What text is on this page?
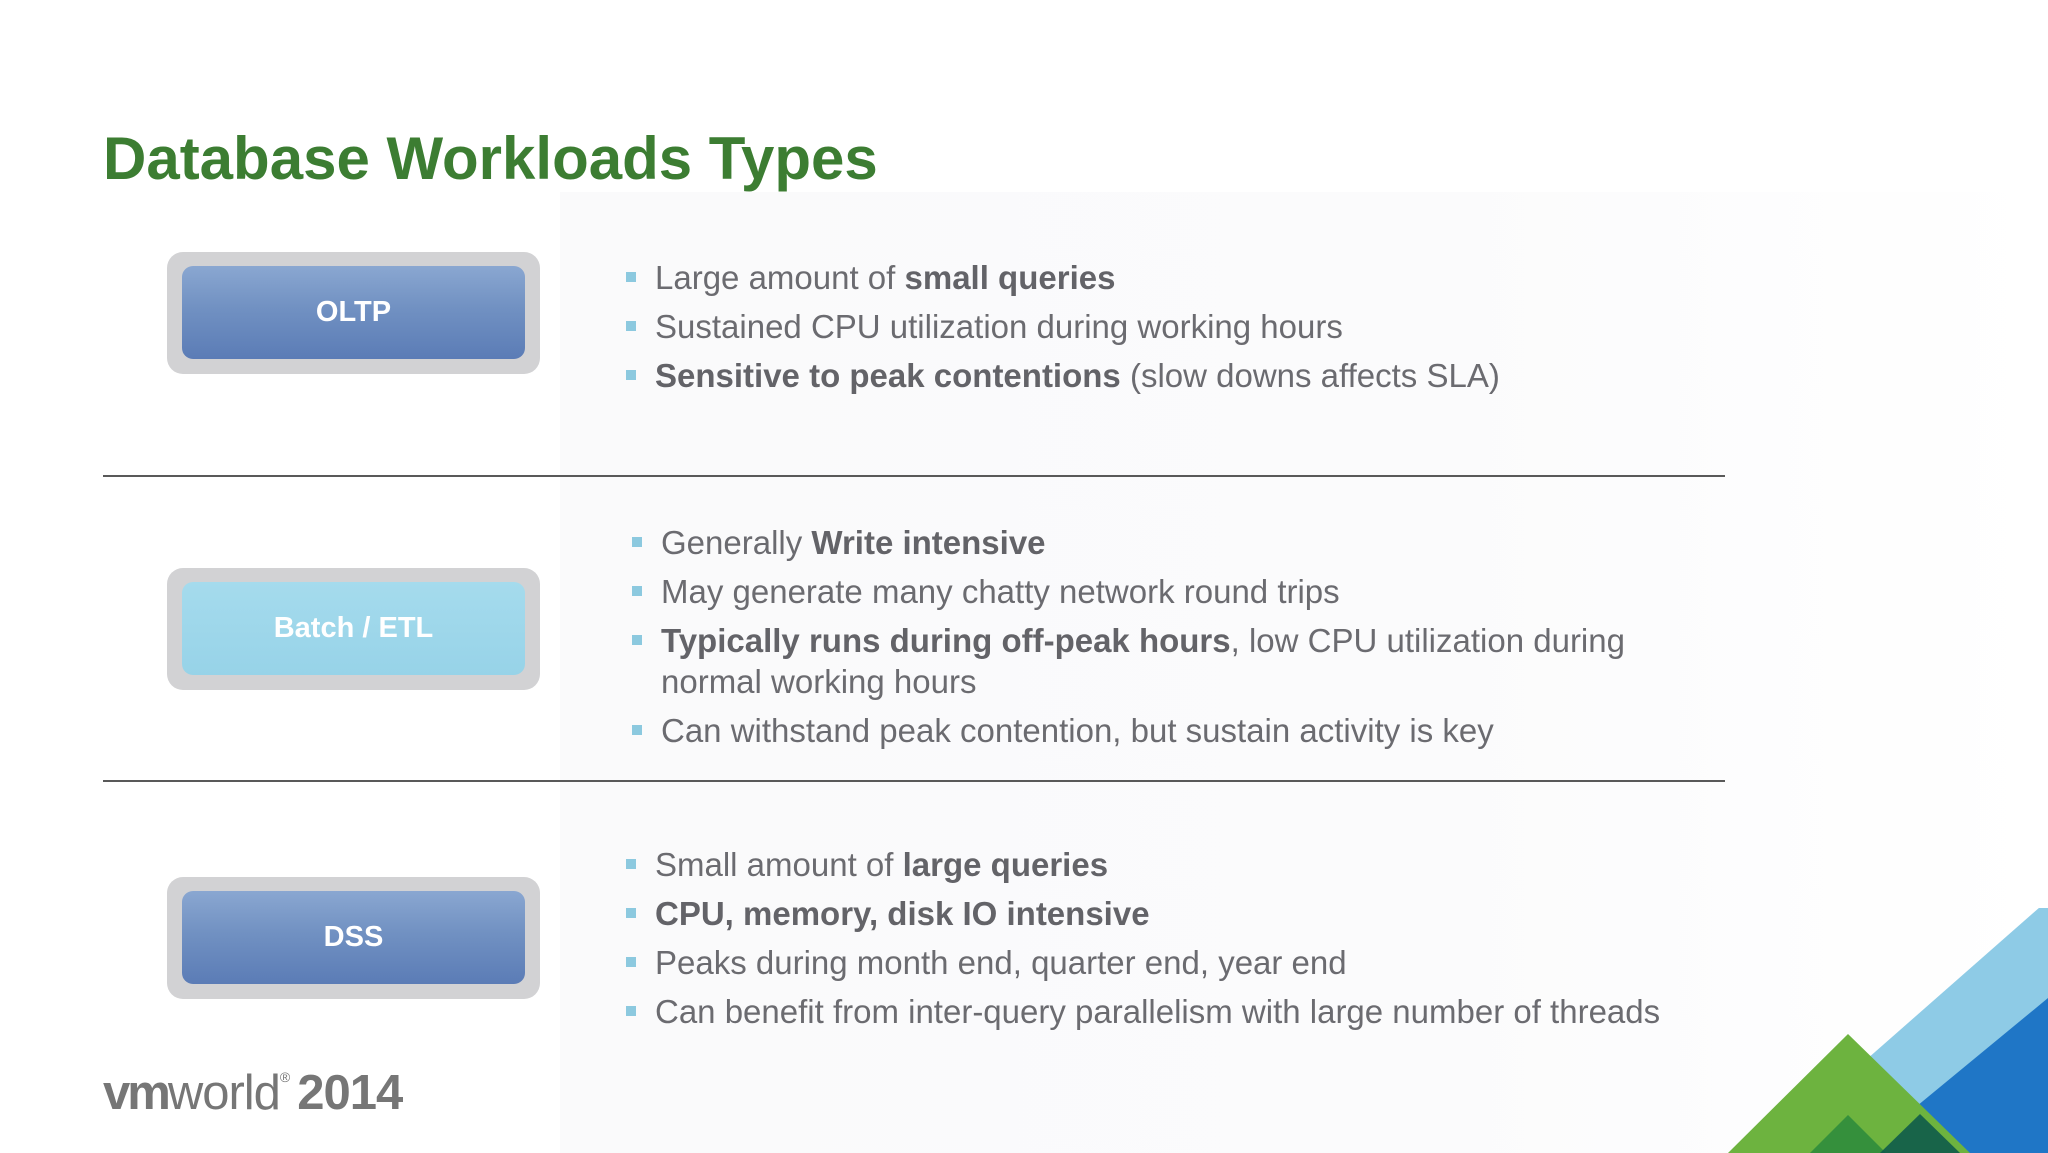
Database Workloads Types
OLTP
Large amount of small queries
Sustained CPU utilization during working hours
Sensitive to peak contentions (slow downs affects SLA)
Batch / ETL
Generally Write intensive
May generate many chatty network round trips
Typically runs during off-peak hours, low CPU utilization during
normal working hours
Can withstand peak contention, but sustain activity is key
DSS
Small amount of large queries
CPU, memory, disk IO intensive
Peaks during month end, quarter end, year end
Can benefit from inter-query parallelism with large number of threads
vmworld® 2014
